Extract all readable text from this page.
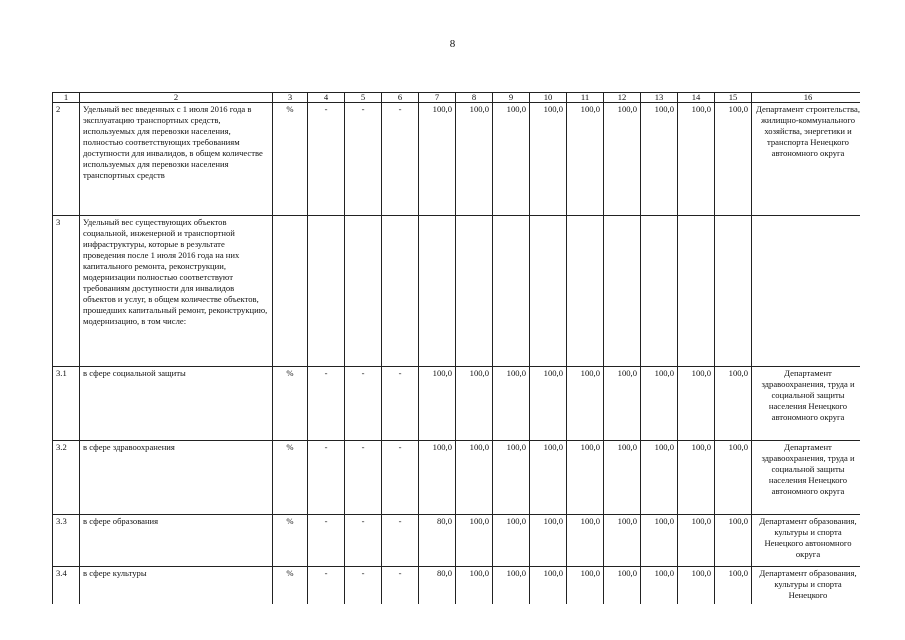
8
1	2	3	4	5	6	7	8	9	10	11	12	13	14	15	16
2	Удельный вес введенных с 1 июля 2016 года в эксплуатацию транспортных средств, используемых для перевозки населения, полностью соответствующих требованиям доступности для инвалидов, в общем количестве используемых для перевозки населения транспортных средств	%	-	-	-	100,0	100,0	100,0	100,0	100,0	100,0	100,0	100,0	100,0	Департамент строительства, жилищно-коммунального хозяйства, энергетики и транспорта Ненецкого автономного округа
3	Удельный вес существующих объектов социальной, инженерной и транспортной инфраструктуры, которые в результате проведения после 1 июля 2016 года на них капитального ремонта, реконструкции, модернизации полностью соответствуют требованиям доступности для инвалидов объектов и услуг, в общем количестве объектов, прошедших капитальный ремонт, реконструкцию, модернизацию, в том числе:														
3.1	в сфере социальной защиты	%	-	-	-	100,0	100,0	100,0	100,0	100,0	100,0	100,0	100,0	100,0	Департамент здравоохранения, труда и социальной защиты населения Ненецкого автономного округа
3.2	в сфере здравоохранения	%	-	-	-	100,0	100,0	100,0	100,0	100,0	100,0	100,0	100,0	100,0	Департамент здравоохранения, труда и социальной защиты населения Ненецкого автономного округа
3.3	в сфере образования	%	-	-	-	80,0	100,0	100,0	100,0	100,0	100,0	100,0	100,0	100,0	Департамент образования, культуры и спорта Ненецкого автономного округа
3.4	в сфере культуры	%	-	-	-	80,0	100,0	100,0	100,0	100,0	100,0	100,0	100,0	100,0	Департамент образования, культуры и спорта Ненецкого
